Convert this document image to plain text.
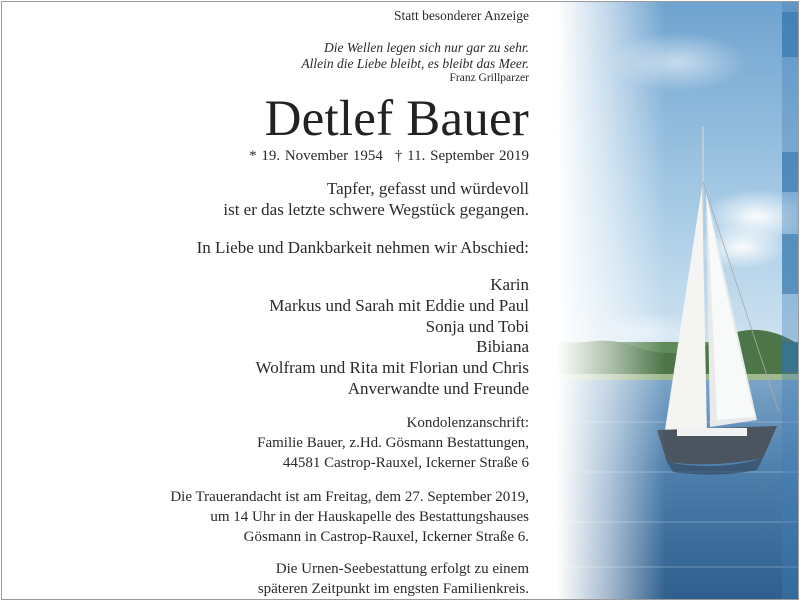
Statt besonderer Anzeige
Die Wellen legen sich nur gar zu sehr.
Allein die Liebe bleibt, es bleibt das Meer.
Franz Grillparzer
Detlef Bauer
* 19. November 1954 † 11. September 2019
Tapfer, gefasst und würdevoll
ist er das letzte schwere Wegstück gegangen.
In Liebe und Dankbarkeit nehmen wir Abschied:
Karin
Markus und Sarah mit Eddie und Paul
Sonja und Tobi
Bibiana
Wolfram und Rita mit Florian und Chris
Anverwandte und Freunde
Kondolenzanschrift:
Familie Bauer, z.Hd. Gösmann Bestattungen,
44581 Castrop-Rauxel, Ickerner Straße 6
Die Trauerandacht ist am Freitag, dem 27. September 2019,
um 14 Uhr in der Hauskapelle des Bestattungshauses
Gösmann in Castrop-Rauxel, Ickerner Straße 6.
Die Urnen-Seebestattung erfolgt zu einem
späteren Zeitpunkt im engsten Familienkreis.
